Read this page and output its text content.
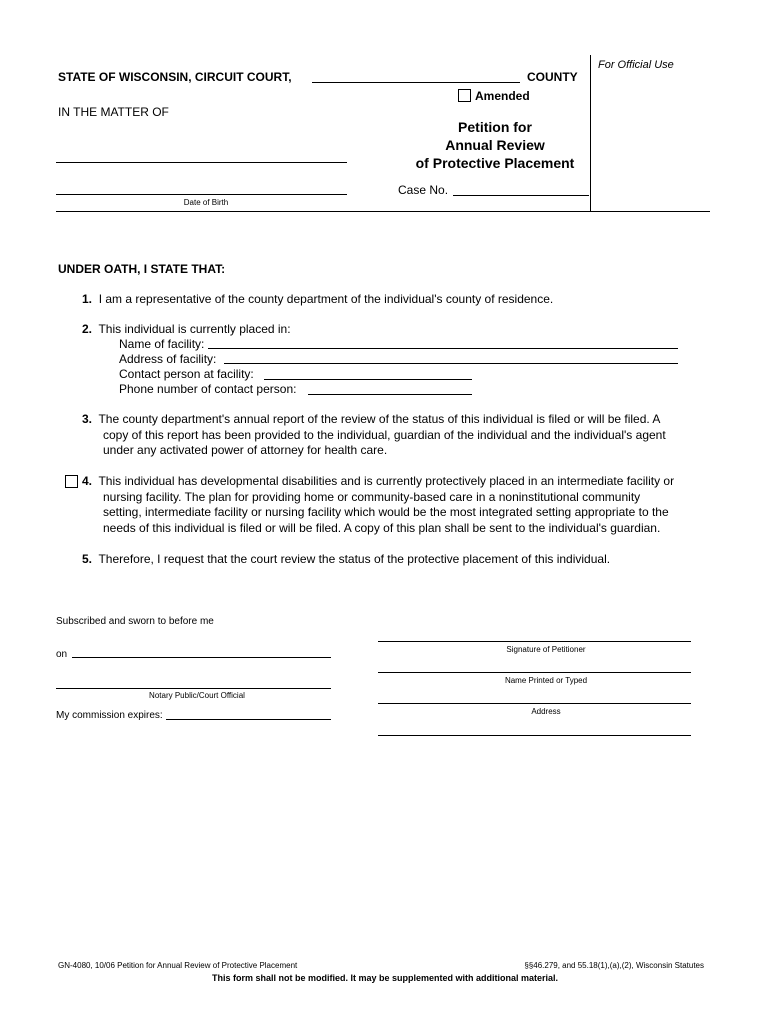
For Official Use
STATE OF WISCONSIN, CIRCUIT COURT,	COUNTY
Amended
IN THE MATTER OF
Petition for
Annual Review
of Protective Placement
Case No.
Date of Birth
UNDER OATH, I STATE THAT:
1. I am a representative of the county department of the individual's county of residence.
2. This individual is currently placed in:
Name of facility:
Address of facility:
Contact person at facility:
Phone number of contact person:
3. The county department's annual report of the review of the status of this individual is filed or will be filed. A
copy of this report has been provided to the individual, guardian of the individual and the individual's agent
under any activated power of attorney for health care.
4. This individual has developmental disabilities and is currently protectively placed in an intermediate facility or
nursing facility. The plan for providing home or community-based care in a noninstitutional community
setting, intermediate facility or nursing facility which would be the most integrated setting appropriate to the
needs of this individual is filed or will be filed. A copy of this plan shall be sent to the individual's guardian.
5. Therefore, I request that the court review the status of the protective placement of this individual.
Subscribed and sworn to before me
on
Notary Public/Court Official
My commission expires:
Signature of Petitioner
Name Printed or Typed
Address
GN-4080, 10/06 Petition for Annual Review of Protective Placement	§§46.279, and 55.18(1),(a),(2), Wisconsin Statutes
This form shall not be modified. It may be supplemented with additional material.
